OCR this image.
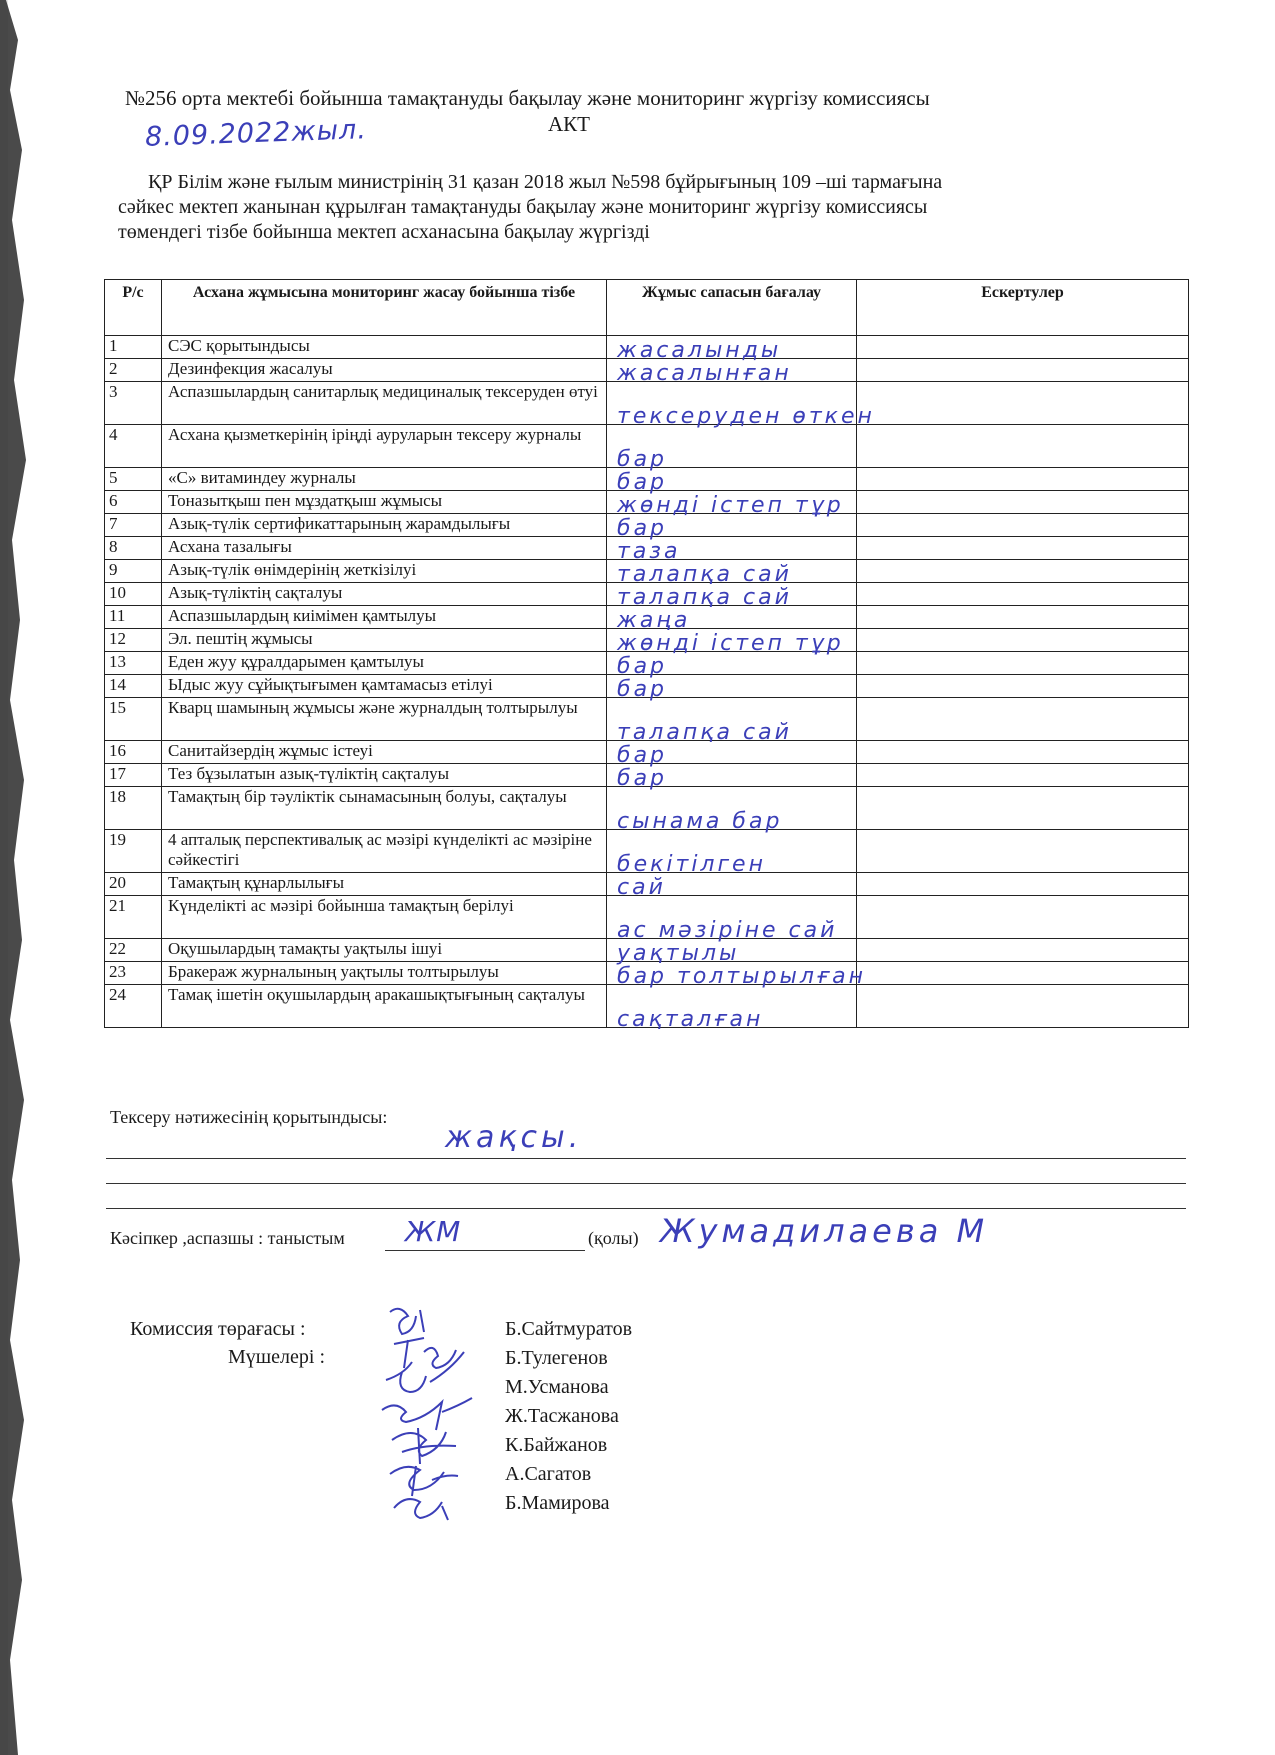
№256 орта мектебі бойынша тамақтануды бақылау және мониторинг жүргізу комиссиясы
8.09.2022жыл.	АКТ
ҚР Білім және ғылым министрінің 31 қазан 2018 жыл №598 бұйрығының 109 –шi тармағына
сәйкес мектеп жанынан құрылған тамақтануды бақылау және мониторинг жүргізу комиссиясы
төмендегі тізбе бойынша мектеп асханасына бақылау жүргізді
Р/с	Асхана жұмысына мониторинг жасау бойынша тізбе	Жұмыс сапасын бағалау	Ескертулер
1	СЭС қорытындысы	жасалынды	
2	Дезинфекция жасалуы	жасалынған	
3	Аспазшылардың санитарлық медициналық тексеруден өтуі	тексеруден өткен	
4	Асхана қызметкерінің іріңді ауруларын тексеру журналы	бар	
5	«С» витаминдеу журналы	бар	
6	Тоназытқыш пен мұздатқыш жұмысы	жөнді істеп тұр	
7	Азық-түлік сертификаттарының жарамдылығы	бар	
8	Асхана тазалығы	таза	
9	Азық-түлік өнімдерінің жеткізілуі	талапқа сай	
10	Азық-түліктің сақталуы	талапқа сай	
11	Аспазшылардың киімімен қамтылуы	жаңа	
12	Эл. пештің жұмысы	жөнді істеп тұр	
13	Еден жуу құралдарымен қамтылуы	бар	
14	Ыдыс жуу сұйықтығымен қамтамасыз етілуі	бар	
15	Кварц шамының жұмысы және журналдың толтырылуы	талапқа сай	
16	Санитайзердің жұмыс істеуі	бар	
17	Тез бұзылатын азық-түліктің сақталуы	бар	
18	Тамақтың бір тәуліктік сынамасының болуы, сақталуы	сынама бар	
19	4 апталық перспективалық ас мәзірі күнделікті ас мәзіріне сәйкестігі	бекітілген	
20	Тамақтың құнарлылығы	сай	
21	Күнделікті ас мәзірі бойынша тамақтың берілуі	ас мәзіріне сай	
22	Оқушылардың тамақты уақтылы ішуі	уақтылы	
23	Бракераж журналының уақтылы толтырылуы	бар толтырылған	
24	Тамақ ішетін оқушылардың аракашықтығының сақталуы	сақталған	
Тексеру нәтижесінің қорытындысы:
жақсы.
Кәсіпкер ,аспазшы : таныстым ЖМ	(қолы) Жумадилаева М
Комиссия төрағасы :
Мүшелері :
Б.Сайтмуратов
Б.Тулегенов
М.Усманова
Ж.Тасжанова
К.Байжанов
А.Сагатов
Б.Мамирова
